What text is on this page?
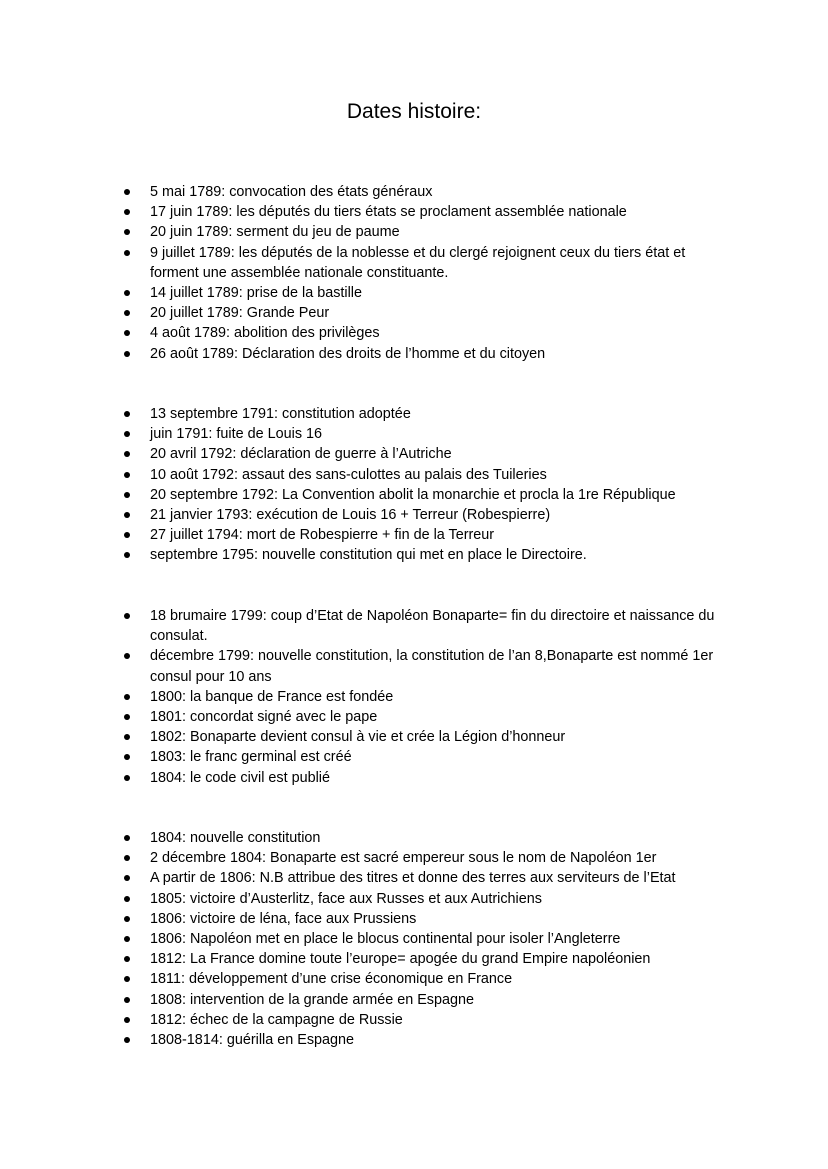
Dates histoire:
5 mai 1789: convocation des états généraux
17 juin 1789: les députés du tiers états se proclament assemblée nationale
20 juin 1789: serment du jeu de paume
9 juillet 1789: les députés de la noblesse et du clergé rejoignent ceux du tiers état et forment une assemblée nationale constituante.
14 juillet 1789: prise de la bastille
20 juillet 1789: Grande Peur
4 août 1789: abolition des privilèges
26 août 1789: Déclaration des droits de l’homme et du citoyen
13 septembre 1791: constitution adoptée
juin 1791: fuite de Louis 16
20 avril 1792: déclaration de guerre à l’Autriche
10 août 1792: assaut des sans-culottes au palais des Tuileries
20 septembre 1792: La Convention abolit la monarchie et procla la 1re République
21 janvier 1793: exécution de Louis 16 + Terreur (Robespierre)
27 juillet 1794: mort de Robespierre + fin de la Terreur
septembre 1795: nouvelle constitution qui met en place le Directoire.
18 brumaire 1799: coup d’Etat de Napoléon Bonaparte= fin du directoire et naissance du consulat.
décembre 1799: nouvelle constitution, la constitution de l’an 8,Bonaparte est nommé 1er consul pour 10 ans
1800: la banque de France est fondée
1801: concordat signé avec le pape
1802: Bonaparte devient consul à vie et crée la Légion d’honneur
1803: le franc germinal est créé
1804: le code civil est publié
1804: nouvelle constitution
2 décembre 1804: Bonaparte est sacré empereur sous le nom de Napoléon 1er
A partir de 1806: N.B attribue des titres et donne des terres aux serviteurs de l’Etat
1805: victoire d’Austerlitz, face aux Russes et aux Autrichiens
1806: victoire de léna, face aux Prussiens
1806: Napoléon met en place le blocus continental pour isoler l’Angleterre
1812: La France domine toute l’europe= apogée du grand Empire napoléonien
1811: développement d’une crise économique en France
1808: intervention de la grande armée en Espagne
1812: échec de la campagne de Russie
1808-1814: guérilla en Espagne
